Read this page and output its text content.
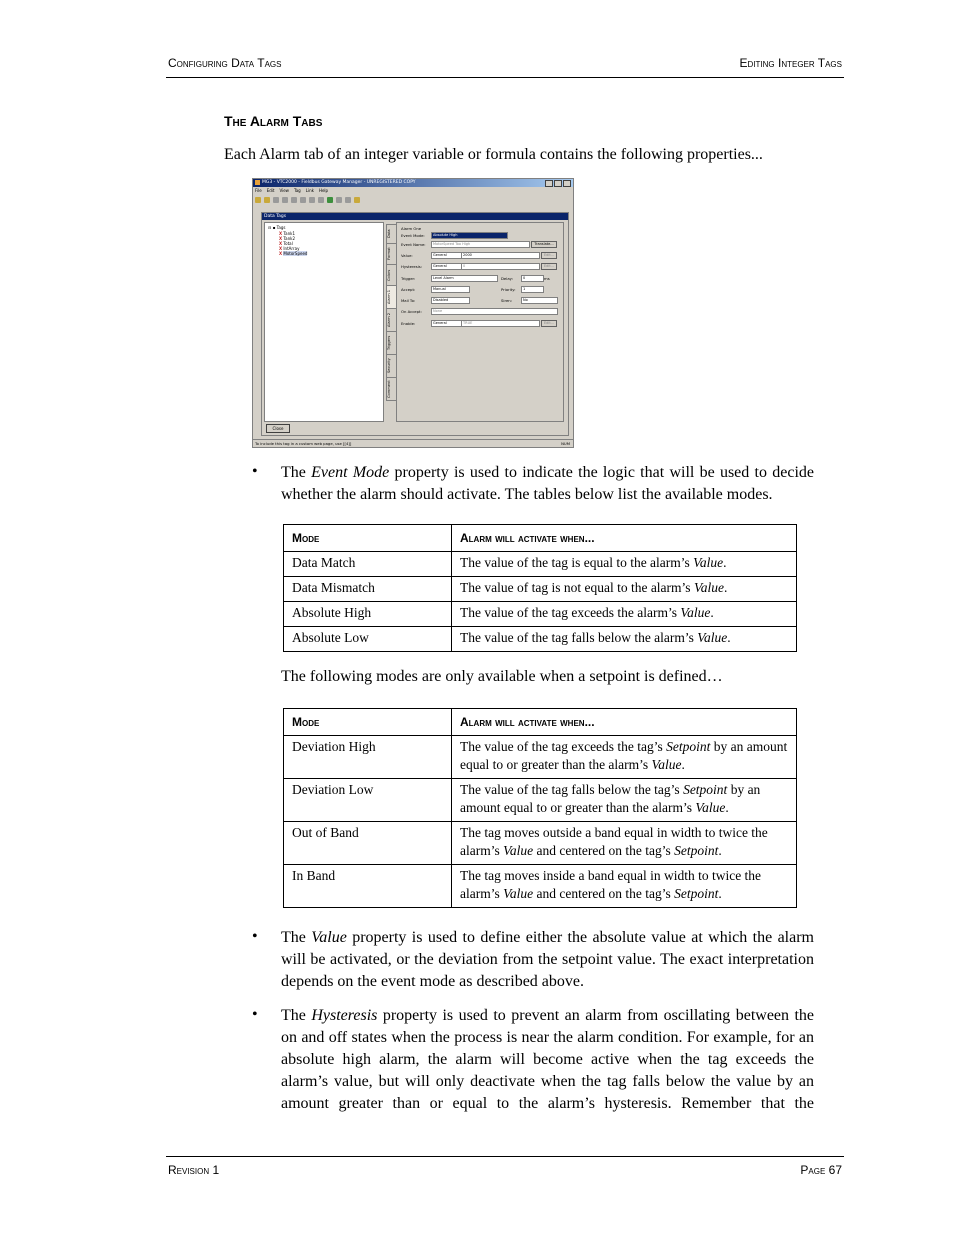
Configuring Data Tags	Editing Integer Tags
The Alarm Tabs
Each Alarm tab of an integer variable or formula contains the following properties...
MG3 - VTC2000 - Fieldbus Gateway Manager - UNREGISTERED COPY
File Edit View Tag Link Help
Data Tags
⊟ ▪ Tags
X Tank1
X Tank2
X Total
X IntArray
X MotorSpeed
Data
Format
Colors
Alarm 1
Alarm 2
Triggers
Security
Comment
Alarm One
Event Mode:	Absolute High
Event Name:	MotorSpeed Too High	Translate...
Value:	General	2000	Edit...
Hysteresis:	General	0	Edit...
Trigger:	Level Alarm	Delay:	0	ms
Accept:	Manual	Priority:	1
Mail To:	Disabled	Siren:	No
On Accept:	None
Enable:	General	TRUE	Edit...
Close
To include this tag in a custom web page, use [[4]]	NUM
• The Event Mode property is used to indicate the logic that will be used to decide whether the alarm should activate. The tables below list the available modes.
Mode	Alarm will activate when...
Data Match	The value of the tag is equal to the alarm’s Value.
Data Mismatch	The value of tag is not equal to the alarm’s Value.
Absolute High	The value of the tag exceeds the alarm’s Value.
Absolute Low	The value of the tag falls below the alarm’s Value.
The following modes are only available when a setpoint is defined…
Mode	Alarm will activate when...
Deviation High	The value of the tag exceeds the tag’s Setpoint by an amount equal to or greater than the alarm’s Value.
Deviation Low	The value of the tag falls below the tag’s Setpoint by an amount equal to or greater than the alarm’s Value.
Out of Band	The tag moves outside a band equal in width to twice the alarm’s Value and centered on the tag’s Setpoint.
In Band	The tag moves inside a band equal in width to twice the alarm’s Value and centered on the tag’s Setpoint.
• The Value property is used to define either the absolute value at which the alarm will be activated, or the deviation from the setpoint value. The exact interpretation depends on the event mode as described above.
• The Hysteresis property is used to prevent an alarm from oscillating between the on and off states when the process is near the alarm condition. For example, for an absolute high alarm, the alarm will become active when the tag exceeds the alarm’s value, but will only deactivate when the tag falls below the value by an amount greater than or equal to the alarm’s hysteresis. Remember that the
Revision 1	Page 67
